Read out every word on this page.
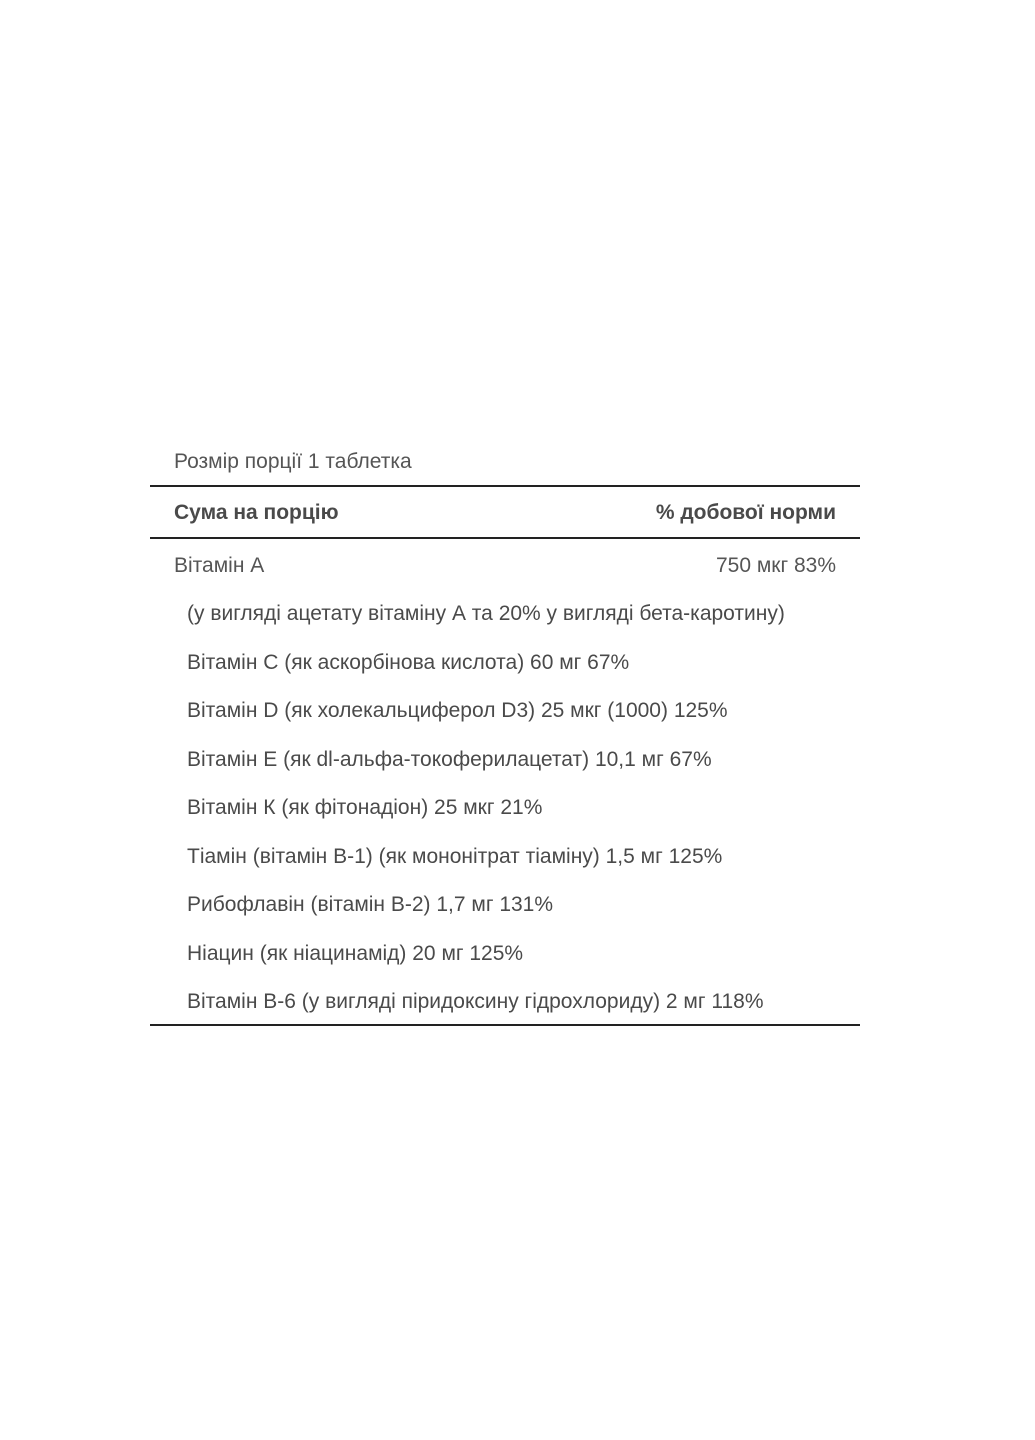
Розмір порції 1 таблетка
Сума на порцію	% добової норми
Вітамін А	750 мкг 83%
(у вигляді ацетату вітаміну А та 20% у вигляді бета-каротину)
Вітамін С (як аскорбінова кислота) 60 мг 67%
Вітамін D (як холекальциферол D3) 25 мкг (1000) 125%
Вітамін Е (як dl-альфа-токоферилацетат) 10,1 мг 67%
Вітамін К (як фітонадіон) 25 мкг 21%
Тіамін (вітамін В-1) (як мононітрат тіаміну) 1,5 мг 125%
Рибофлавін (вітамін В-2) 1,7 мг 131%
Ніацин (як ніацинамід) 20 мг 125%
Вітамін В-6 (у вигляді піридоксину гідрохлориду) 2 мг 118%
